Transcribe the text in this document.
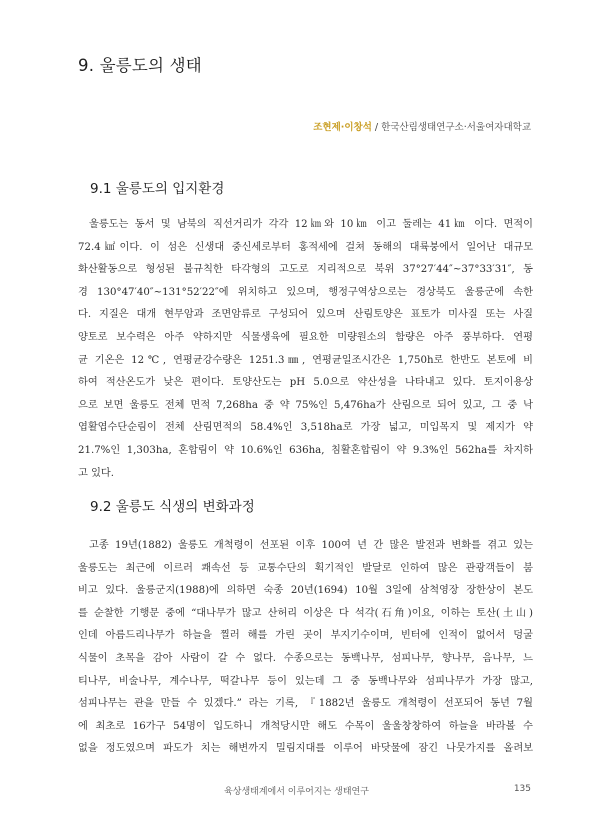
9. 울릉도의 생태
조현제·이창석 / 한국산림생태연구소·서울여자대학교
9.1 울릉도의 입지환경
울릉도는 동서 및 남북의 직선거리가 각각 12㎞와 10㎞ 이고 둘레는 41㎞ 이다. 면적이
72.4㎢이다. 이 섬은 신생대 중신세로부터 홍적세에 걸쳐 동해의 대륙붕에서 일어난 대규모
화산활동으로 형성된 불규칙한 타각형의 고도로 지리적으로 북위 37°27′44″~37°33′31″, 동
경 130°47′40″~131°52′22″에 위치하고 있으며, 행정구역상으로는 경상북도 울릉군에 속한
다. 지질은 대개 현무암과 조면암류로 구성되어 있으며 산림토양은 표토가 미사질 또는 사질
양토로 보수력은 아주 약하지만 식물생육에 필요한 미량원소의 함량은 아주 풍부하다. 연평
균 기온은 12℃, 연평균강수량은 1251.3㎜, 연평균일조시간은 1,750h로 한반도 본토에 비
하여 적산온도가 낮은 편이다. 토양산도는 pH 5.0으로 약산성을 나타내고 있다. 토지이용상
으로 보면 울릉도 전체 면적 7,268ha 중 약 75%인 5,476ha가 산림으로 되어 있고, 그 중 낙
엽활엽수단순림이 전체 산림면적의 58.4%인 3,518ha로 가장 넓고, 미입목지 및 제지가 약
21.7%인 1,303ha, 혼합림이 약 10.6%인 636ha, 침활혼합림이 약 9.3%인 562ha를 차지하
고 있다.
9.2 울릉도 식생의 변화과정
고종 19년(1882) 울릉도 개척령이 선포된 이후 100여 년 간 많은 발전과 변화를 겪고 있는
울릉도는 최근에 이르러 쾌속선 등 교통수단의 획기적인 발달로 인하여 많은 관광객들이 붐
비고 있다. 울릉군지(1988)에 의하면 숙종 20년(1694) 10월 3일에 삼척영장 장한상이 본도
를 순찰한 기행문 중에 “대나무가 많고 산허리 이상은 다 석각(石角)이요, 이하는 토산(土山)
인데 아름드리나무가 하늘을 찔러 해를 가린 곳이 부지기수이며, 빈터에 인적이 없어서 덩굴
식물이 초목을 감아 사람이 갈 수 없다. 수종으로는 동백나무, 섬피나무, 향나무, 음나무, 느
티나무, 비술나무, 계수나무, 떡갈나무 등이 있는데 그 중 동백나무와 섬피나무가 가장 많고,
섬피나무는 관을 만들 수 있겠다.” 라는 기록, 『1882년 울릉도 개척령이 선포되어 동년 7월
에 최초로 16가구 54명이 입도하니 개척당시만 해도 수목이 울울창창하여 하늘을 바라볼 수
없을 정도였으며 파도가 치는 해변까지 밀림지대를 이루어 바닷물에 잠긴 나뭇가지를 올려보
육상생태계에서 이루어지는 생태연구	135
